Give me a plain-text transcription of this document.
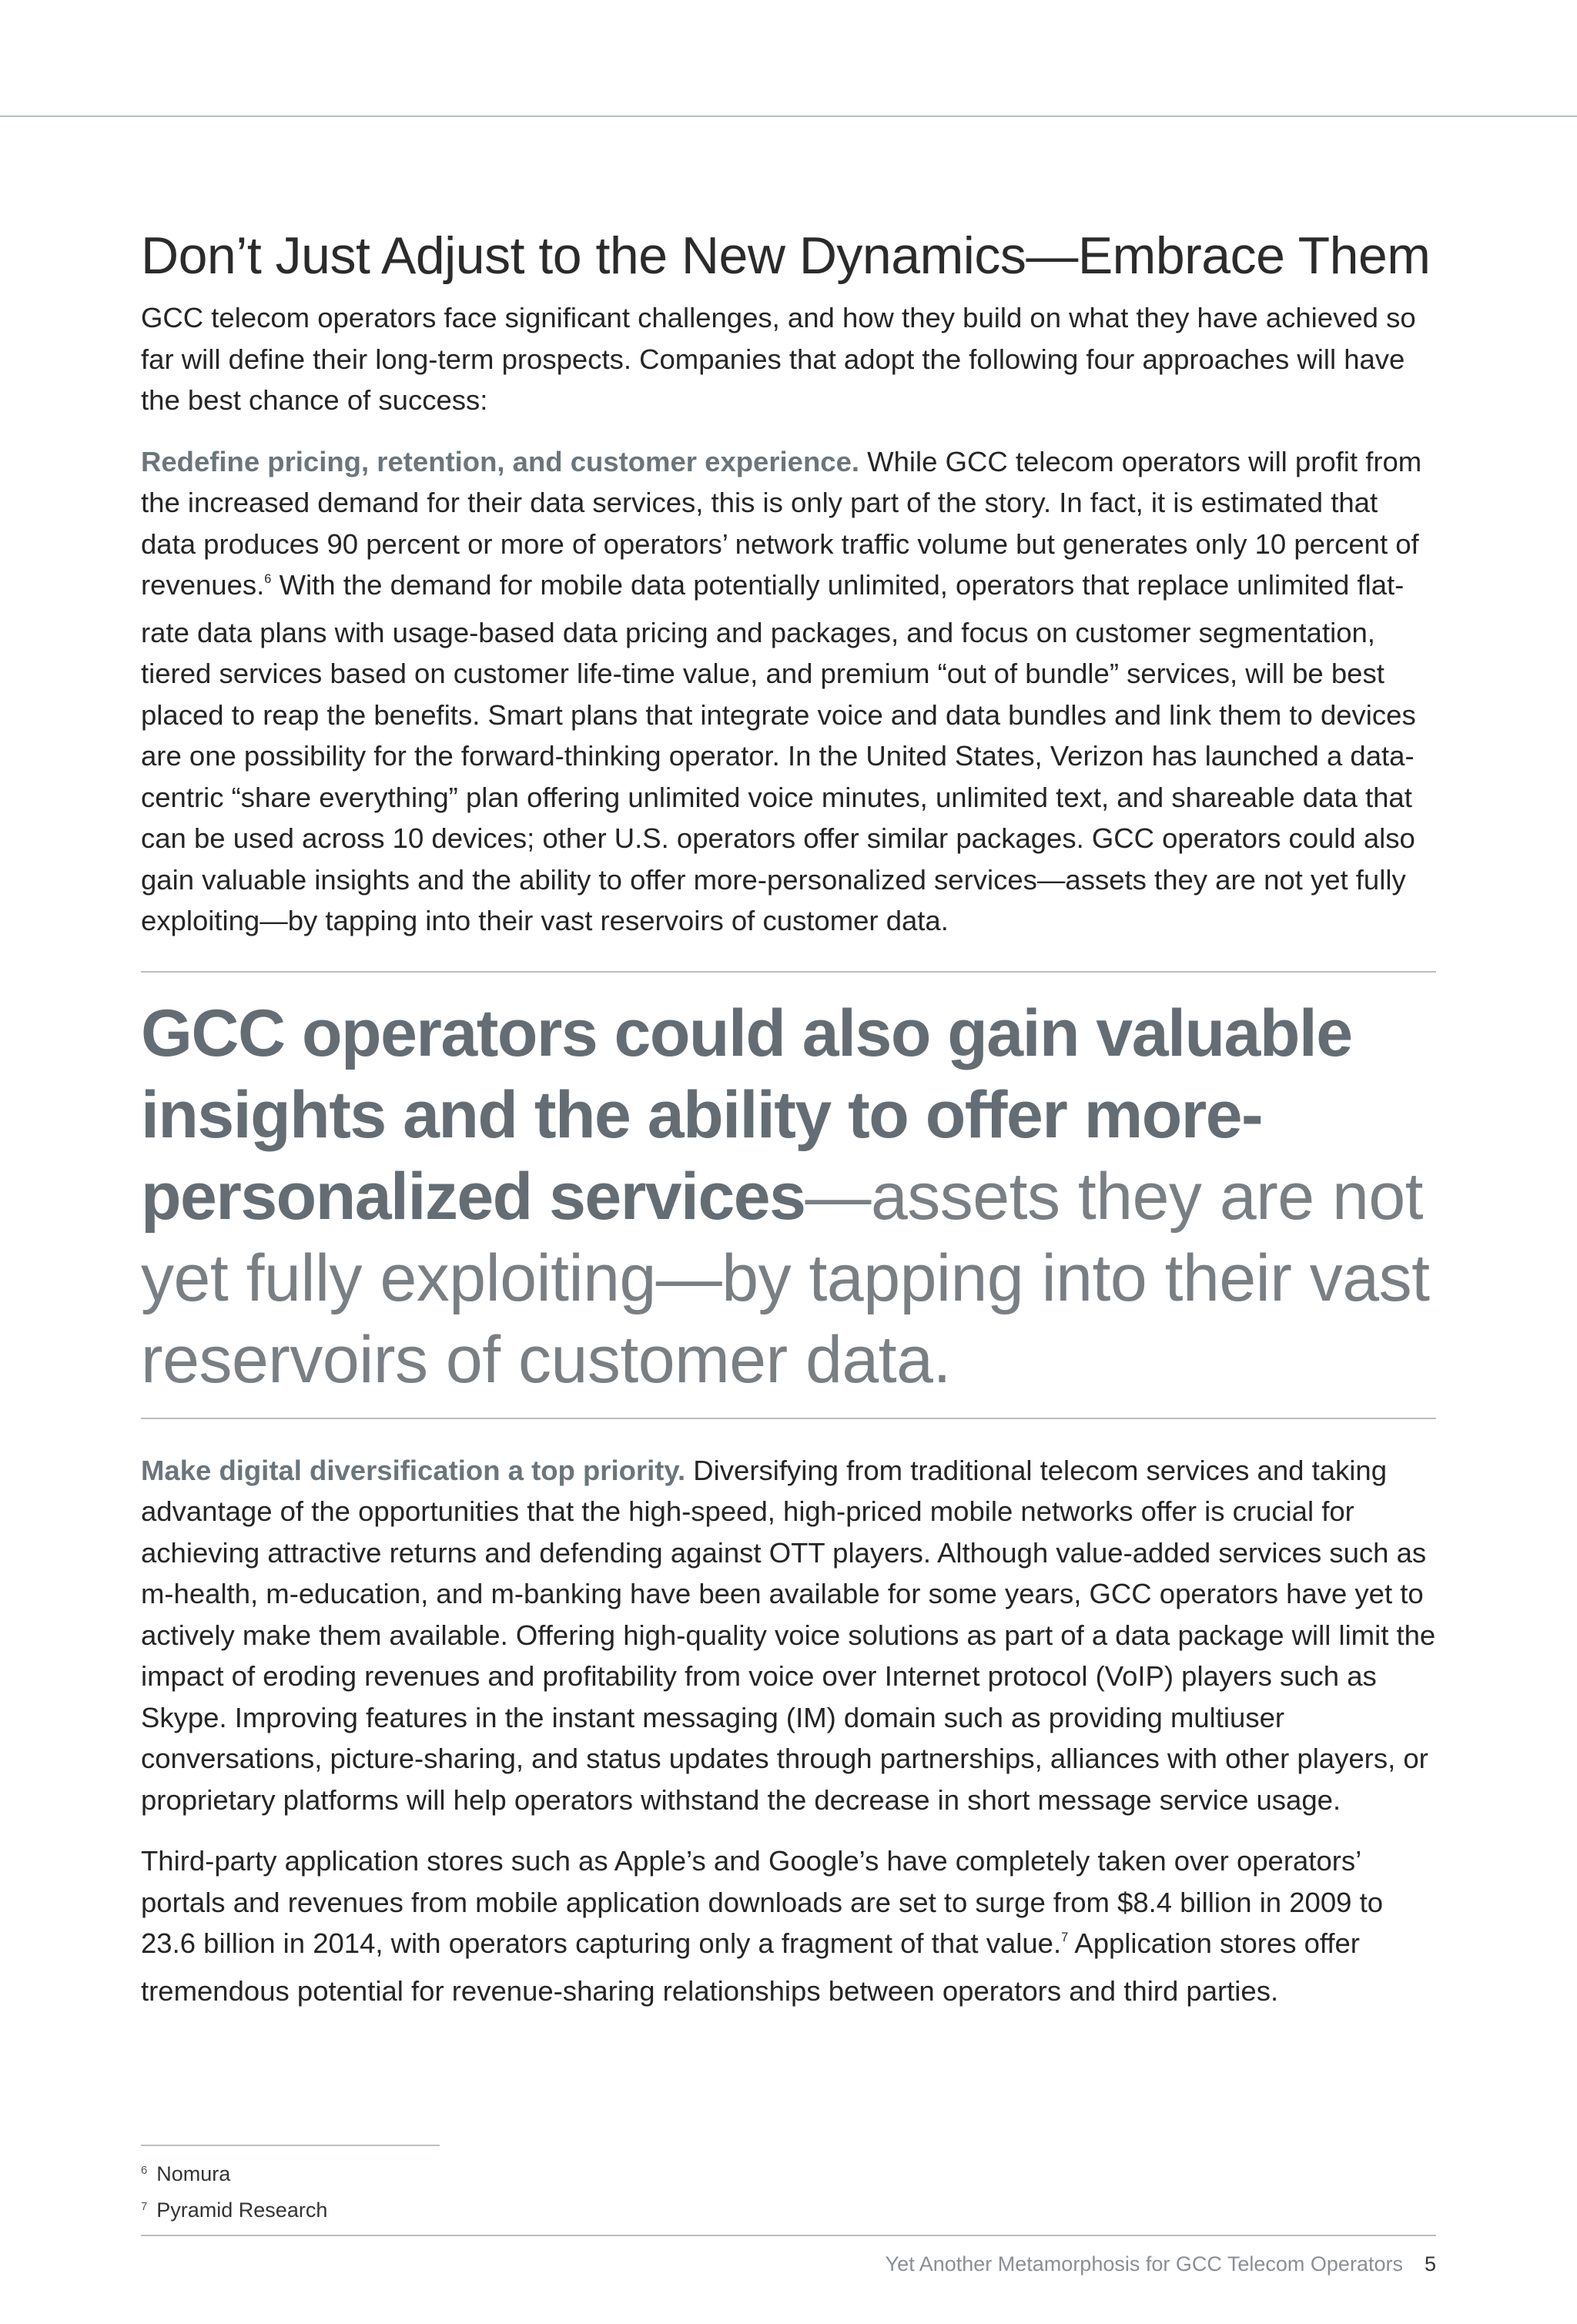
Don’t Just Adjust to the New Dynamics—Embrace Them

GCC telecom operators face significant challenges, and how they build on what they have achieved so far will define their long-term prospects. Companies that adopt the following four approaches will have the best chance of success:

Redefine pricing, retention, and customer experience. While GCC telecom operators will profit from the increased demand for their data services, this is only part of the story. In fact, it is estimated that data produces 90 percent or more of operators’ network traffic volume but generates only 10 percent of revenues.$^6$ With the demand for mobile data potentially unlimited, operators that replace unlimited flat-rate data plans with usage-based data pricing and packages, and focus on customer segmentation, tiered services based on customer life-time value, and premium “out of bundle” services, will be best placed to reap the benefits. Smart plans that integrate voice and data bundles and link them to devices are one possibility for the forward-thinking operator. In the United States, Verizon has launched a data-centric “share everything” plan offering unlimited voice minutes, unlimited text, and shareable data that can be used across 10 devices; other U.S. operators offer similar packages. GCC operators could also gain valuable insights and the ability to offer more-personalized services—assets they are not yet fully exploiting—by tapping into their vast reservoirs of customer data.

GCC operators could also gain valuable insights and the ability to offer more-personalized services—assets they are not yet fully exploiting—by tapping into their vast reservoirs of customer data.

Make digital diversification a top priority. Diversifying from traditional telecom services and taking advantage of the opportunities that the high-speed, high-priced mobile networks offer is crucial for achieving attractive returns and defending against OTT players. Although value-added services such as m-health, m-education, and m-banking have been available for some years, GCC operators have yet to actively make them available. Offering high-quality voice solutions as part of a data package will limit the impact of eroding revenues and profitability from voice over Internet protocol (VoIP) players such as Skype. Improving features in the instant messaging (IM) domain such as providing multiuser conversations, picture-sharing, and status updates through partnerships, alliances with other players, or proprietary platforms will help operators withstand the decrease in short message service usage.

Third-party application stores such as Apple’s and Google’s have completely taken over operators’ portals and revenues from mobile application downloads are set to surge from $8.4 billion in 2009 to 23.6 billion in 2014, with operators capturing only a fragment of that value.$^7$ Application stores offer tremendous potential for revenue-sharing relationships between operators and third parties.

$^6$ Nomura
$^7$ Pyramid Research
Yet Another Metamorphosis for GCC Telecom Operators 5
